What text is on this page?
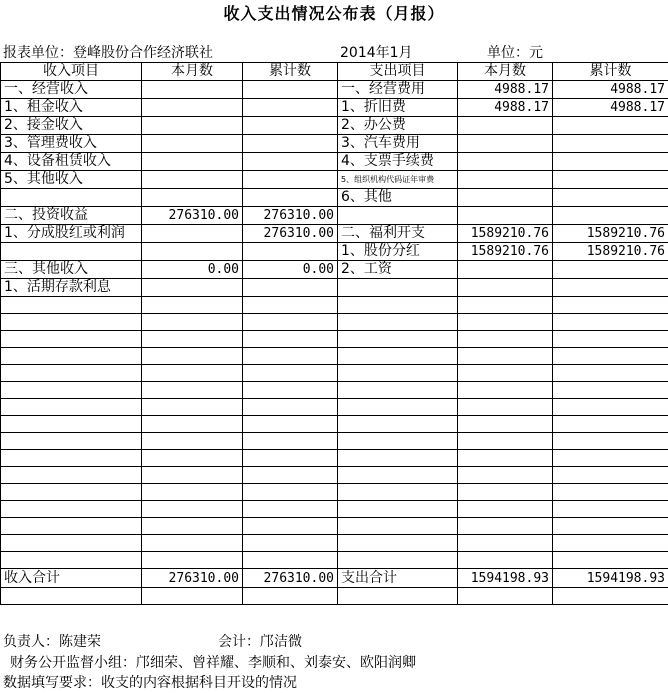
收入支出情况公布表（月报）
报表单位：登峰股份合作经济联社	2014年1月	单位：元
收入项目	本月数	累计数	支出项目	本月数	累计数
一、经营收入			一、经营费用	4988.17	4988.17
1、租金收入			1、折旧费	4988.17	4988.17
2、接金收入			2、办公费		
3、管理费收入			3、汽车费用		
4、设备租赁收入			4、支票手续费		
5、其他收入			5、组织机构代码证年审费		
			6、其他		
二、投资收益	276310.00	276310.00			
1、分成股红或利润		276310.00	二、福利开支	1589210.76	1589210.76
			1、股份分红	1589210.76	1589210.76
三、其他收入	0.00	0.00	2、工资		
1、活期存款利息					

收入合计	276310.00	276310.00	支出合计	1594198.93	1594198.93

负责人：陈建荣	会计：邝洁微
财务公开监督小组：邝细荣、曾祥耀、李顺和、刘泰安、欧阳润卿
数据填写要求：收支的内容根据科目开设的情况
